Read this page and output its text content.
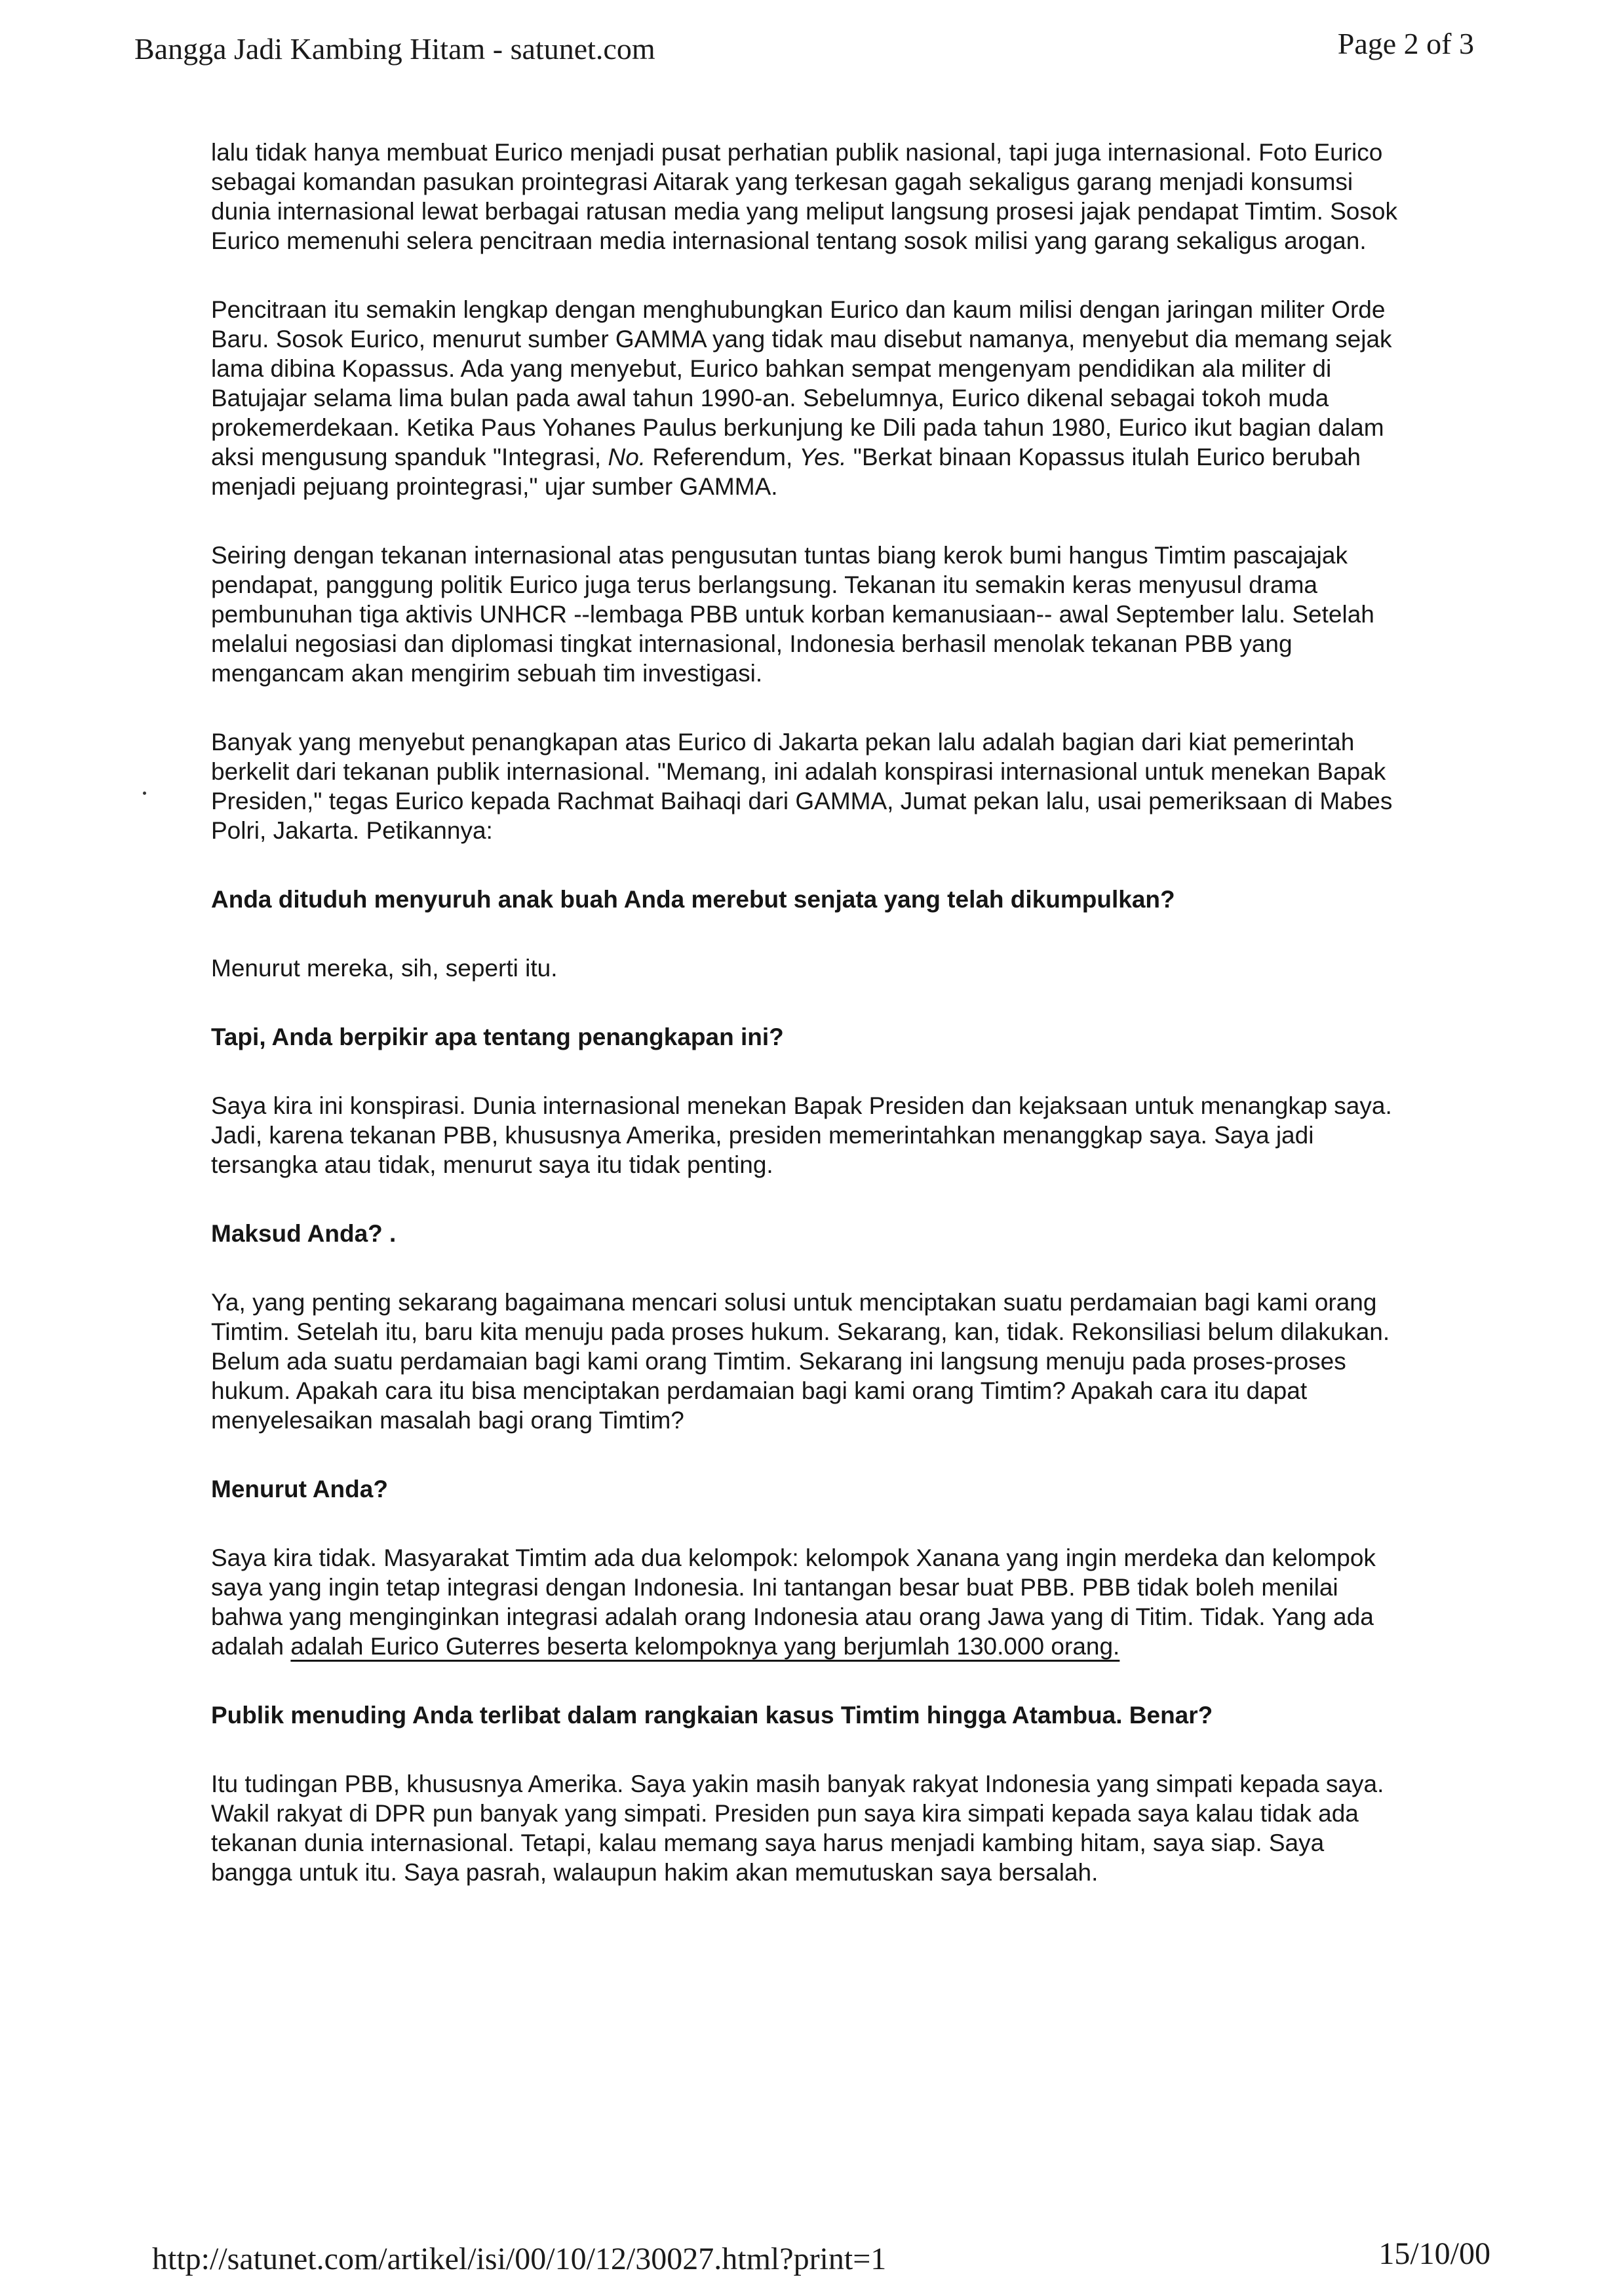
Bangga Jadi Kambing Hitam - satunet.com	Page 2 of 3

lalu tidak hanya membuat Eurico menjadi pusat perhatian publik nasional, tapi juga internasional. Foto Eurico sebagai komandan pasukan prointegrasi Aitarak yang terkesan gagah sekaligus garang menjadi konsumsi dunia internasional lewat berbagai ratusan media yang meliput langsung prosesi jajak pendapat Timtim. Sosok Eurico memenuhi selera pencitraan media internasional tentang sosok milisi yang garang sekaligus arogan.

Pencitraan itu semakin lengkap dengan menghubungkan Eurico dan kaum milisi dengan jaringan militer Orde Baru. Sosok Eurico, menurut sumber GAMMA yang tidak mau disebut namanya, menyebut dia memang sejak lama dibina Kopassus. Ada yang menyebut, Eurico bahkan sempat mengenyam pendidikan ala militer di Batujajar selama lima bulan pada awal tahun 1990-an. Sebelumnya, Eurico dikenal sebagai tokoh muda prokemerdekaan. Ketika Paus Yohanes Paulus berkunjung ke Dili pada tahun 1980, Eurico ikut bagian dalam aksi mengusung spanduk "Integrasi, No. Referendum, Yes. "Berkat binaan Kopassus itulah Eurico berubah menjadi pejuang prointegrasi," ujar sumber GAMMA.

Seiring dengan tekanan internasional atas pengusutan tuntas biang kerok bumi hangus Timtim pascajajak pendapat, panggung politik Eurico juga terus berlangsung. Tekanan itu semakin keras menyusul drama pembunuhan tiga aktivis UNHCR --lembaga PBB untuk korban kemanusiaan-- awal September lalu. Setelah melalui negosiasi dan diplomasi tingkat internasional, Indonesia berhasil menolak tekanan PBB yang mengancam akan mengirim sebuah tim investigasi.

Banyak yang menyebut penangkapan atas Eurico di Jakarta pekan lalu adalah bagian dari kiat pemerintah berkelit dari tekanan publik internasional. "Memang, ini adalah konspirasi internasional untuk menekan Bapak Presiden," tegas Eurico kepada Rachmat Baihaqi dari GAMMA, Jumat pekan lalu, usai pemeriksaan di Mabes Polri, Jakarta. Petikannya:

Anda dituduh menyuruh anak buah Anda merebut senjata yang telah dikumpulkan?

Menurut mereka, sih, seperti itu.

Tapi, Anda berpikir apa tentang penangkapan ini?

Saya kira ini konspirasi. Dunia internasional menekan Bapak Presiden dan kejaksaan untuk menangkap saya. Jadi, karena tekanan PBB, khususnya Amerika, presiden memerintahkan menanggkap saya. Saya jadi tersangka atau tidak, menurut saya itu tidak penting.

Maksud Anda? .

Ya, yang penting sekarang bagaimana mencari solusi untuk menciptakan suatu perdamaian bagi kami orang Timtim. Setelah itu, baru kita menuju pada proses hukum. Sekarang, kan, tidak. Rekonsiliasi belum dilakukan. Belum ada suatu perdamaian bagi kami orang Timtim. Sekarang ini langsung menuju pada proses-proses hukum. Apakah cara itu bisa menciptakan perdamaian bagi kami orang Timtim? Apakah cara itu dapat menyelesaikan masalah bagi orang Timtim?

Menurut Anda?

Saya kira tidak. Masyarakat Timtim ada dua kelompok: kelompok Xanana yang ingin merdeka dan kelompok saya yang ingin tetap integrasi dengan Indonesia. Ini tantangan besar buat PBB. PBB tidak boleh menilai bahwa yang menginginkan integrasi adalah orang Indonesia atau orang Jawa yang di Titim. Tidak. Yang ada adalah adalah Eurico Guterres beserta kelompoknya yang berjumlah 130.000 orang.

Publik menuding Anda terlibat dalam rangkaian kasus Timtim hingga Atambua. Benar?

Itu tudingan PBB, khususnya Amerika. Saya yakin masih banyak rakyat Indonesia yang simpati kepada saya. Wakil rakyat di DPR pun banyak yang simpati. Presiden pun saya kira simpati kepada saya kalau tidak ada tekanan dunia internasional. Tetapi, kalau memang saya harus menjadi kambing hitam, saya siap. Saya bangga untuk itu. Saya pasrah, walaupun hakim akan memutuskan saya bersalah.

http://satunet.com/artikel/isi/00/10/12/30027.html?print=1	15/10/00
